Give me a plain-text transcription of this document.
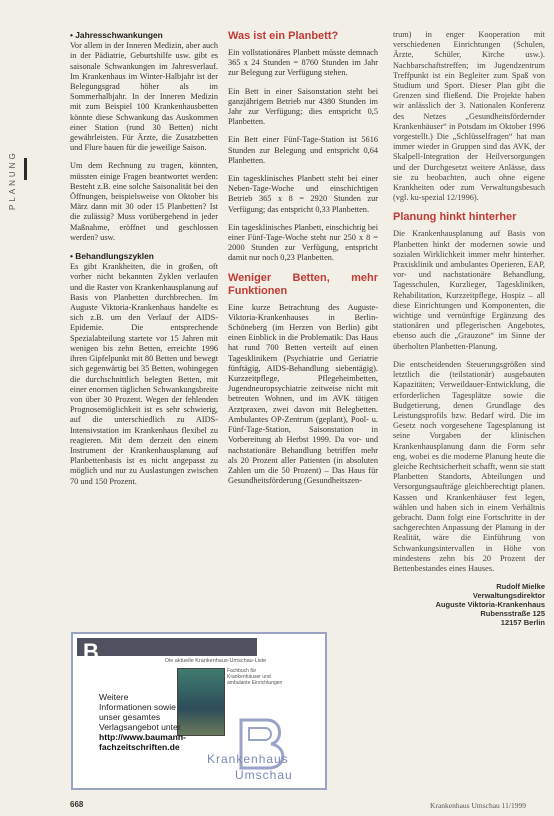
PLANUNG
• Jahresschwankungen

Vor allem in der Inneren Medizin, aber auch in der Pädiatrie, Geburtshilfe usw. gibt es saisonale Schwankungen im Jahresverlauf. Im Krankenhaus im Winter-Halbjahr ist der Belegungsgrad höher als im Sommerhalbjahr. In der Inneren Medizin mit zum Beispiel 100 Krankenhausbetten könnte diese Schwankung das Auskommen einer Station (rund 30 Betten) nicht gewährleisten. Für Ärzte, die Zusatzbetten und Flure bauen für die jeweilige Saison.

Um dem Rechnung zu tragen, könnten, müssten einige Fragen beantwortet werden: Besteht z.B. eine solche Saisonalität bei den Öffnungen, beispielsweise von Oktober bis März dann mit 30 oder 15 Planbetten? Ist die zulässig? Muss vorübergehend in jeder Maßnahme, eröffnet und geschlossen werden? usw.

• Behandlungszyklen

Es gibt Krankheiten, die in großen, oft vorher nicht bekannten Zyklen verlaufen und die Raster von Krankenhausplanung auf Basis von Planbetten durchbrechen. Im Auguste Viktoria-Krankenhaus handelte es sich z.B. um den Verlauf der AIDS-Epidemie. Die entsprechende Spezialabteilung startete vor 15 Jahren mit wenigen bis zehn Betten, erreichte 1996 ihren Gipfelpunkt mit 80 Betten und bewegt sich gegenwärtig bei 35 Betten, wohingegen die durchschnittlich belegten Betten, mit einer enormen täglichen Schwankungsbreite von über 30 Prozent. Wegen der fehlenden Prognosemöglichkeit ist es sehr schwierig, auf die unterschiedlich zu AIDS-Intensivstation im Krankenhaus flexibel zu reagieren. Mit dem derzeit den einem Instrument der Krankenhausplanung auf Planbettenbasis ist es nicht angepasst zu möglich und nur zu Auslastungen zwischen 70 und 150 Prozent.

Was ist ein Planbett?

Ein vollstationäres Planbett müsste demnach 365 x 24 Stunden = 8760 Stunden im Jahr zur Belegung zur Verfügung stehen.

Ein Bett in einer Saisonstation steht bei ganzjährigem Betrieb nur 4380 Stunden im Jahr zur Verfügung; dies entspricht 0,5 Planbetten.

Ein Bett einer Fünf-Tage-Station ist 5616 Stunden zur Belegung und entspricht 0,64 Planbetten.

Ein tagesklinisches Planbett steht bei einer Neben-Tage-Woche und einschichtigen Betrieb 365 x 8 = 2920 Stunden zur Verfügung; das entspricht 0,33 Planbetten.

Ein tagesklinisches Planbett, einschichtig bei einer Fünf-Tage-Woche steht nur 250 x 8 = 2000 Stunden zur Verfügung, entspricht damit nur noch 0,23 Planbetten.

Weniger Betten, mehr Funktionen

Eine kurze Betrachtung des Auguste-Viktoria-Krankenhauses in Berlin-Schöneberg (im Herzen von Berlin) gibt einen Einblick in die Problematik: Das Haus hat rund 700 Betten verteilt auf einen Tagesklinikern (Psychiatrie und Geriatrie fünftägig, AIDS-Behandlung siebentägig). Kurzzeitpflege, Pflegeheimbetten, Jugendneuropsychiatrie zeitweise nicht mit betreuten Wohnen, und im AVK tätigen Arztpraxen, zwei davon mit Belegbetten. Ambulantes OP-Zentrum (geplant), Pool- u. Fünf-Tage-Station, Saisonstation in Vorbereitung ab Herbst 1999. Da vor- und nachstationäre Behandlung betriffen mehr als 20 Prozent aller Patienten (in absoluten Zahlen um die 50 Prozent) – Das Haus für Gesundheitsförderung (Gesundheitszen-

trum) in enger Kooperation mit verschiedenen Einrichtungen (Schulen, Ärzte, Schüler, Kirche usw.). Nachbarschaftstreffen; im Jugendzentrum Treffpunkt ist ein Begleiter zum Spaß von Studium und Sport. Dieser Plan gibt die Grenzen sind fließend. Die Projekte haben wir anlässlich der 3. Nationalen Konferenz des Netzes „Gesundheitsfördernder Krankenhäuser“ in Potsdam im Oktober 1996 vorgestellt.) Die „Schlüsselfragen“ hat man immer wieder in Gruppen sind das AVK, der Skalpell-Integration der Heilversorgungen und der Durchgesetzt weitere Anlässe, dass sie zu beobachten, auch ohne eigene Krankheiten oder zum Verwaltungsbesuch (vgl. ku-spezial 12/1996).

Planung hinkt hinterher

Die Krankenhausplanung auf Basis von Planbetten hinkt der modernen sowie und sozialen Wirklichkeit immer mehr hinterher. Praxisklinik und ambulantes Operieren, EAP, vor- und nachstationäre Behandlung, Tagesschulen, Kurzlieger, Tageskliniken, Rehabilitation, Kurzzeitpflege, Hospiz – all diese Einrichtungen und Komponenten, die wichtige und vernünftige Ergänzung des stationären und pflegerischen Angebotes, ebenso auch die „Grauzone“ im Sinne der überholten Planbetten-Planung.

Die entscheidenden Steuerungsgrößen sind letztlich die (teilstationär) ausgebauten Kapazitäten; Verweildauer-Entwicklung, die erforderlichen Tagesplätze sowie die Budgetierung, denen Grundlage des Leistungsprofils bzw. Bedarf wird. Die im Gesetz noch vorgesehene Tagesplanung ist seine Vorgaben der klinischen Krankenhausplanung dann die Form sehr eng, wobei es die moderne Planung heute die gleiche Rechtsicherheit schafft, wenn sie statt Planbetten Standorts, Abteilungen und Versorgungsaufträge gleichberechtigt planen. Kassen und Krankenhäuser fest legen, wählen und haben sich in einem Verhältnis gebracht. Dann folgt eine Fortschritte in der sachgerechten Anpassung der Planung in der Realität, wäre die Einführung von Schwankungsintervallen in Höhe von mindestens zehn bis 20 Prozent der Bettenbestandes eines Hauses.

Rudolf Mielke
Verwaltungsdirektor
Auguste Viktoria-Krankenhaus
Rubensstraße 125
12157 Berlin
B	Die aktuelle Krankenhaus-Umschau-Liste
Fachbuch für Krankenhäuser und ambulante Einrichtungen
Weitere
Informationen sowie
unser gesamtes
Verlagsangebot unter
http://www.baumann-
fachzeitschriften.de
Krankenhaus
Umschau
668	Krankenhaus Umschau 11/1999
